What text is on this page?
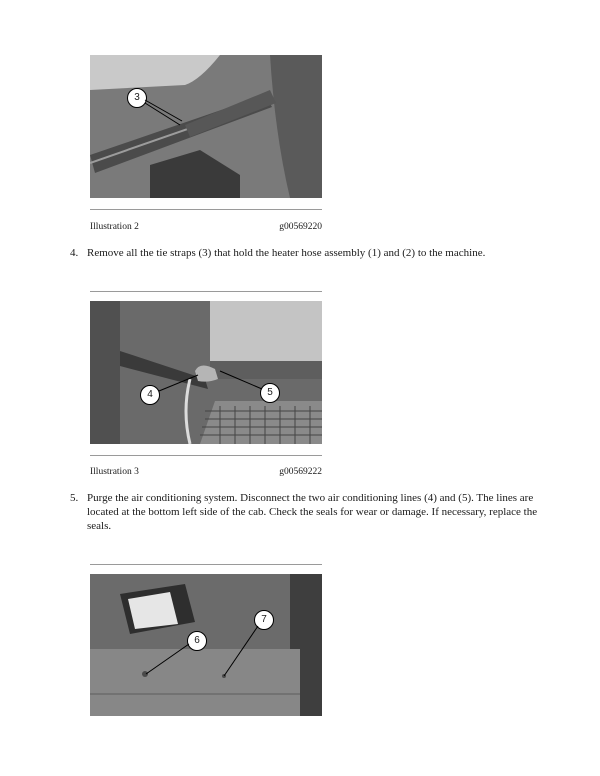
3
Illustration 2	g00569220
4. Remove all the tie straps (3) that hold the heater hose assembly (1) and (2) to the machine.
4	5
Illustration 3	g00569222
5. Purge the air conditioning system. Disconnect the two air conditioning lines (4) and (5). The lines are located at the bottom left side of the cab. Check the seals for wear or damage. If necessary, replace the seals.
6
7
